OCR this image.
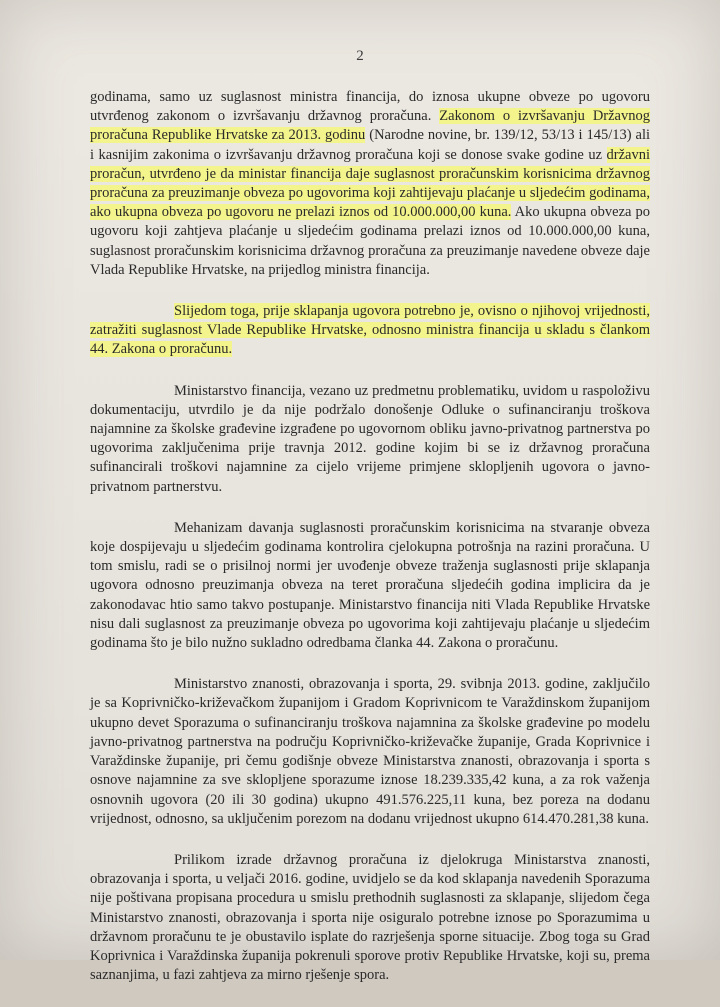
2

godinama, samo uz suglasnost ministra financija, do iznosa ukupne obveze po ugovoru utvrđenog zakonom o izvršavanju državnog proračuna. Zakonom o izvršavanju Državnog proračuna Republike Hrvatske za 2013. godinu (Narodne novine, br. 139/12, 53/13 i 145/13) ali i kasnijim zakonima o izvršavanju državnog proračuna koji se donose svake godine uz državni proračun, utvrđeno je da ministar financija daje suglasnost proračunskim korisnicima državnog proračuna za preuzimanje obveza po ugovorima koji zahtijevaju plaćanje u sljedećim godinama, ako ukupna obveza po ugovoru ne prelazi iznos od 10.000.000,00 kuna. Ako ukupna obveza po ugovoru koji zahtjeva plaćanje u sljedećim godinama prelazi iznos od 10.000.000,00 kuna, suglasnost proračunskim korisnicima državnog proračuna za preuzimanje navedene obveze daje Vlada Republike Hrvatske, na prijedlog ministra financija.

Slijedom toga, prije sklapanja ugovora potrebno je, ovisno o njihovoj vrijednosti, zatražiti suglasnost Vlade Republike Hrvatske, odnosno ministra financija u skladu s člankom 44. Zakona o proračunu.

Ministarstvo financija, vezano uz predmetnu problematiku, uvidom u raspoloživu dokumentaciju, utvrdilo je da nije podržalo donošenje Odluke o sufinanciranju troškova najamnine za školske građevine izgrađene po ugovornom obliku javno-privatnog partnerstva po ugovorima zaključenima prije travnja 2012. godine kojim bi se iz državnog proračuna sufinancirali troškovi najamnine za cijelo vrijeme primjene sklopljenih ugovora o javno-privatnom partnerstvu.

Mehanizam davanja suglasnosti proračunskim korisnicima na stvaranje obveza koje dospijevaju u sljedećim godinama kontrolira cjelokupna potrošnja na razini proračuna. U tom smislu, radi se o prisilnoj normi jer uvođenje obveze traženja suglasnosti prije sklapanja ugovora odnosno preuzimanja obveza na teret proračuna sljedećih godina implicira da je zakonodavac htio samo takvo postupanje. Ministarstvo financija niti Vlada Republike Hrvatske nisu dali suglasnost za preuzimanje obveza po ugovorima koji zahtijevaju plaćanje u sljedećim godinama što je bilo nužno sukladno odredbama članka 44. Zakona o proračunu.

Ministarstvo znanosti, obrazovanja i sporta, 29. svibnja 2013. godine, zaključilo je sa Koprivničko-križevačkom županijom i Gradom Koprivnicom te Varaždinskom županijom ukupno devet Sporazuma o sufinanciranju troškova najamnina za školske građevine po modelu javno-privatnog partnerstva na području Koprivničko-križevačke županije, Grada Koprivnice i Varaždinske županije, pri čemu godišnje obveze Ministarstva znanosti, obrazovanja i sporta s osnove najamnine za sve sklopljene sporazume iznose 18.239.335,42 kuna, a za rok važenja osnovnih ugovora (20 ili 30 godina) ukupno 491.576.225,11 kuna, bez poreza na dodanu vrijednost, odnosno, sa uključenim porezom na dodanu vrijednost ukupno 614.470.281,38 kuna.

Prilikom izrade državnog proračuna iz djelokruga Ministarstva znanosti, obrazovanja i sporta, u veljači 2016. godine, uvidjelo se da kod sklapanja navedenih Sporazuma nije poštivana propisana procedura u smislu prethodnih suglasnosti za sklapanje, slijedom čega Ministarstvo znanosti, obrazovanja i sporta nije osiguralo potrebne iznose po Sporazumima u državnom proračunu te je obustavilo isplate do razrješenja sporne situacije. Zbog toga su Grad Koprivnica i Varaždinska županija pokrenuli sporove protiv Republike Hrvatske, koji su, prema saznanjima, u fazi zahtjeva za mirno rješenje spora.
